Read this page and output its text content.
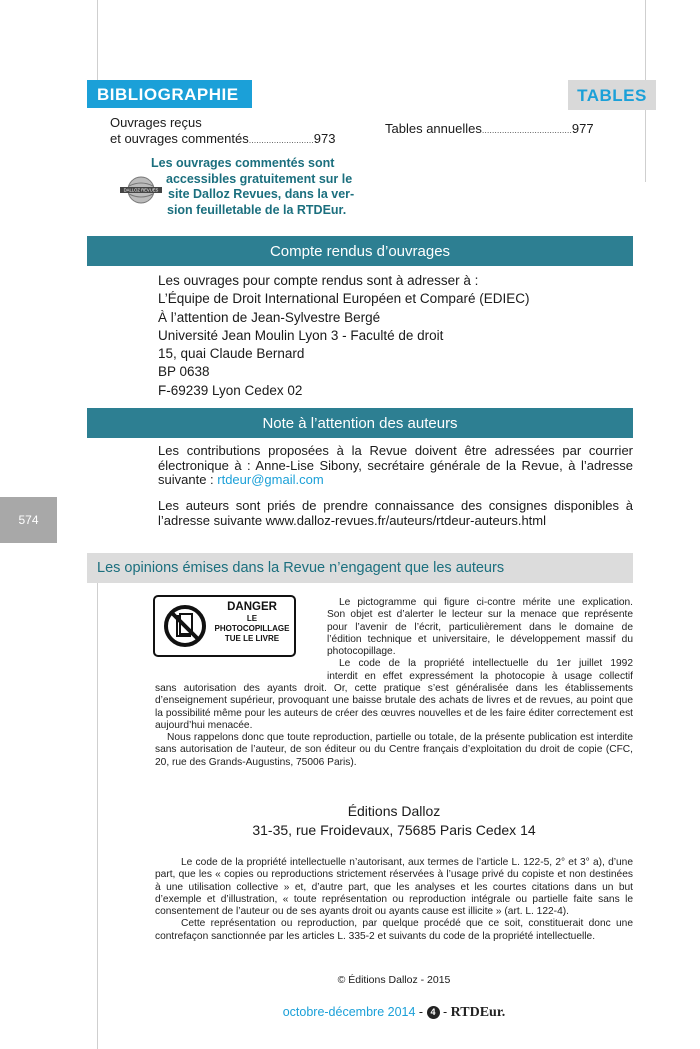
BIBLIOGRAPHIE	TABLES
Ouvrages reçus
et ouvrages commentés..........................973
Tables annuelles....................................977
DALLOZ REVUES
Les ouvrages commentés sont
accessibles gratuitement sur le
site Dalloz Revues, dans la ver-
sion feuilletable de la RTDEur.
Compte rendus d’ouvrages
Les ouvrages pour compte rendus sont à adresser à :
L’Équipe de Droit International Européen et Comparé (EDIEC)
À l’attention de Jean-Sylvestre Bergé
Université Jean Moulin Lyon 3 - Faculté de droit
15, quai Claude Bernard
BP 0638
F-69239 Lyon Cedex 02
Note à l’attention des auteurs
Les contributions proposées à la Revue doivent être adressées par courrier électronique à : Anne-Lise Sibony, secrétaire générale de la Revue, à l’adresse suivante : rtdeur@gmail.com
Les auteurs sont priés de prendre connaissance des consignes disponibles à l’adresse suivante www.dalloz-revues.fr/auteurs/rtdeur-auteurs.html
574
Les opinions émises dans la Revue n’engagent que les auteurs
DANGER
LE
PHOTOCOPILLAGE
TUE LE LIVRE
Le pictogramme qui figure ci-contre mérite une explication.
Son objet est d’alerter le lecteur sur la menace que représente
pour l’avenir de l’écrit, particulièrement dans le domaine de
l’édition technique et universitaire, le développement massif du
photocopillage.
Le code de la propriété intellectuelle du 1er juillet 1992
interdit en effet expressément la photocopie à usage collectif
sans autorisation des ayants droit. Or, cette pratique s’est généralisée dans les établissements d’enseignement supérieur, provoquant une baisse brutale des achats de livres et de revues, au point que la possibilité même pour les auteurs de créer des œuvres nouvelles et de les faire éditer correctement est aujourd’hui menacée.
Nous rappelons donc que toute reproduction, partielle ou totale, de la présente publication est interdite sans autorisation de l’auteur, de son éditeur ou du Centre français d’exploitation du droit de copie (CFC, 20, rue des Grands-Augustins, 75006 Paris).
Éditions Dalloz
31-35, rue Froidevaux, 75685 Paris Cedex 14
Le code de la propriété intellectuelle n’autorisant, aux termes de l’article L. 122-5, 2° et 3° a), d’une part, que les « copies ou reproductions strictement réservées à l’usage privé du copiste et non destinées à une utilisation collective » et, d’autre part, que les analyses et les courtes citations dans un but d’exemple et d’illustration, « toute représentation ou reproduction intégrale ou partielle faite sans le consentement de l’auteur ou de ses ayants droit ou ayants cause est illicite » (art. L. 122-4).
Cette représentation ou reproduction, par quelque procédé que ce soit, constituerait donc une contrefaçon sanctionnée par les articles L. 335-2 et suivants du code de la propriété intellectuelle.
© Éditions Dalloz - 2015
octobre-décembre 2014 - 4 - RTDEur.
